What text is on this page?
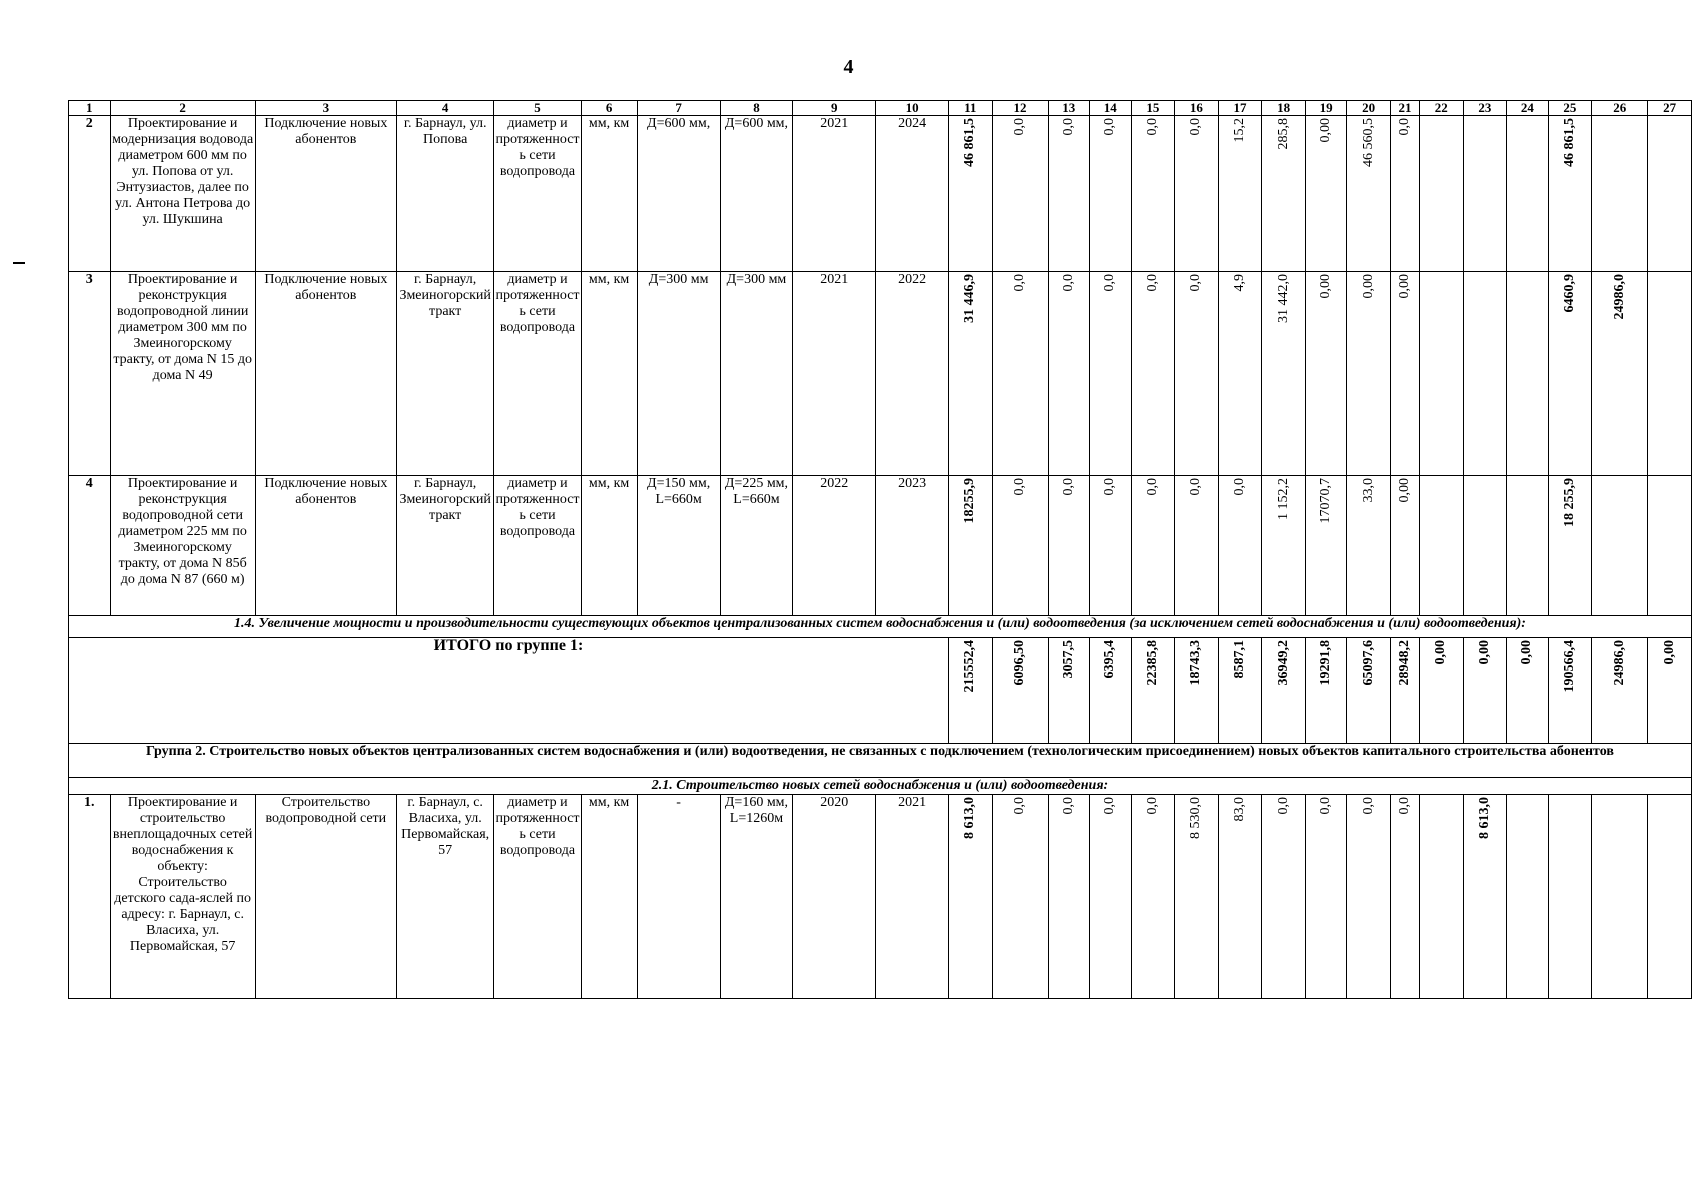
4
1	2	3	4	5	6	7	8	9	10	11	12	13	14	15	16	17	18	19	20	21	22	23	24	25	26	27
2	Проектирование и модернизация водовода диаметром 600 мм по ул. Попова от ул. Энтузиастов, далее по ул. Антона Петрова до ул. Шукшина	Подключение новых абонентов	г. Барнаул, ул. Попова	диаметр и протяженность сети водопровода	мм, км	Д=600 мм,	Д=600 мм,	2021	2024	46 861,5	0,0	0,0	0,0	0,0	0,0	15,2	285,8	0,00	46 560,5	0,0				46 861,5		
3	Проектирование и реконструкция водопроводной линии диаметром 300 мм по Змеиногорскому тракту, от дома N 15 до дома N 49	Подключение новых абонентов	г. Барнаул, Змеиногорский тракт	диаметр и протяженность сети водопровода	мм, км	Д=300 мм	Д=300 мм	2021	2022	31 446,9	0,0	0,0	0,0	0,0	0,0	4,9	31 442,0	0,00	0,00	0,00				6460,9	24986,0	
4	Проектирование и реконструкция водопроводной сети диаметром 225 мм по Змеиногорскому тракту, от дома N 85б до дома N 87 (660 м)	Подключение новых абонентов	г. Барнаул, Змеиногорский тракт	диаметр и протяженность сети водопровода	мм, км	Д=150 мм, L=660м	Д=225 мм, L=660м	2022	2023	18255,9	0,0	0,0	0,0	0,0	0,0	0,0	1 152,2	17070,7	33,0	0,00				18 255,9		
1.4. Увеличение мощности и производительности существующих объектов централизованных систем водоснабжения и (или) водоотведения (за исключением сетей водоснабжения и (или) водоотведения):																										
ИТОГО по группе 1:										215552,4	6096,50	3057,5	6395,4	22385,8	18743,3	8587,1	36949,2	19291,8	65097,6	28948,2	0,00	0,00	0,00	190566,4	24986,0	0,00
Группа 2. Строительство новых объектов централизованных систем водоснабжения и (или) водоотведения, не связанных с подключением (технологическим присоединением) новых объектов капитального строительства абонентов																										
2.1. Строительство новых сетей водоснабжения и (или) водоотведения:																										
1.	Проектирование и строительство внеплощадочных сетей водоснабжения к объекту: Строительство детского сада-яслей по адресу: г. Барнаул, с. Власиха, ул. Первомайская, 57	Строительство водопроводной сети	г. Барнаул, с. Власиха, ул. Первомайская, 57	диаметр и протяженность сети водопровода	мм, км	-	Д=160 мм, L=1260м	2020	2021	8 613,0	0,0	0,0	0,0	0,0	8 530,0	83,0	0,0	0,0	0,0	0,0		8 613,0				
